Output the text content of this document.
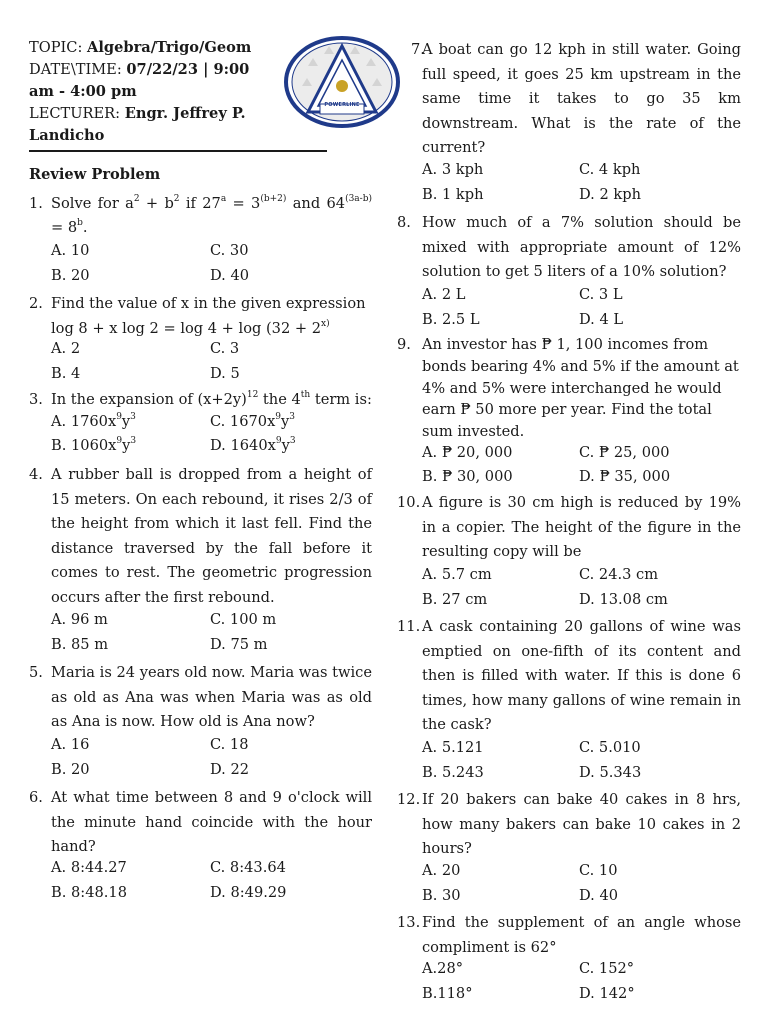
TOPIC: Algebra/Trigo/Geom
DATE\TIME: 07/22/23 | 9:00
am - 4:00 pm
LECTURER: Engr. Jeffrey P.
Landicho
POWERLINE
Review Problem
1. Solve for $a^2 + b^2$ if $27^a = 3^{(b+2)}$ and $64^{(3a-b)} = 8^b$.
A. 10	C. 30
B. 20	D. 40
2. Find the value of x in the given expression
log 8 + x $\log 2 = \log 4 + \log (32 + 2^{x)}$
A. 2	C. 3
B. 4	D. 5
3. In the expansion of $(x+2y)^{12}$ the 4th term is:
A. $1760x^9y^3$	C. $1670x^9y^3$
B. $1060x^9y^3$	D. $1640x^9y^3$
4. A rubber ball is dropped from a height of 15 meters. On each rebound, it rises 2/3 of the height from which it last fell. Find the distance traversed by the fall before it comes to rest. The geometric progression occurs after the first rebound.
A. 96 m	C. 100 m
B. 85 m	D. 75 m
5. Maria is 24 years old now. Maria was twice as old as Ana was when Maria was as old as Ana is now. How old is Ana now?
A. 16	C. 18
B. 20	D. 22
6. At what time between 8 and 9 o'clock will the minute hand coincide with the hour hand?
A. 8:44.27	C. 8:43.64
B. 8:48.18	D. 8:49.29
7.
A boat can go 12 kph in still water. Going full speed, it goes 25 km upstream in the same time it takes to go 35 km downstream. What is the rate of the current?
A. 3 kph	C. 4 kph
B. 1 kph	D. 2 kph
8. How much of a 7% solution should be mixed with appropriate amount of 12% solution to get 5 liters of a 10% solution?
A. 2 L	C. 3 L
B. 2.5 L	D. 4 L
9. An investor has ₱ 1, 100 incomes from bonds bearing 4% and 5% if the amount at 4% and 5% were interchanged he would earn ₱ 50 more per year. Find the total sum invested.
A. ₱ 20, 000	C. ₱ 25, 000
B. ₱ 30, 000	D. ₱ 35, 000
10. A figure is 30 cm high is reduced by 19% in a copier. The height of the figure in the resulting copy will be
A. 5.7 cm	C. 24.3 cm
B. 27 cm	D. 13.08 cm
11. A cask containing 20 gallons of wine was emptied on one-fifth of its content and then is filled with water. If this is done 6 times, how many gallons of wine remain in the cask?
A. 5.121	C. 5.010
B. 5.243	D. 5.343
12. If 20 bakers can bake 40 cakes in 8 hrs, how many bakers can bake 10 cakes in 2 hours?
A. 20	C. 10
B. 30	D. 40
13. Find the supplement of an angle whose compliment is 62°
A.28°	C. 152°
B.118°	D. 142°
